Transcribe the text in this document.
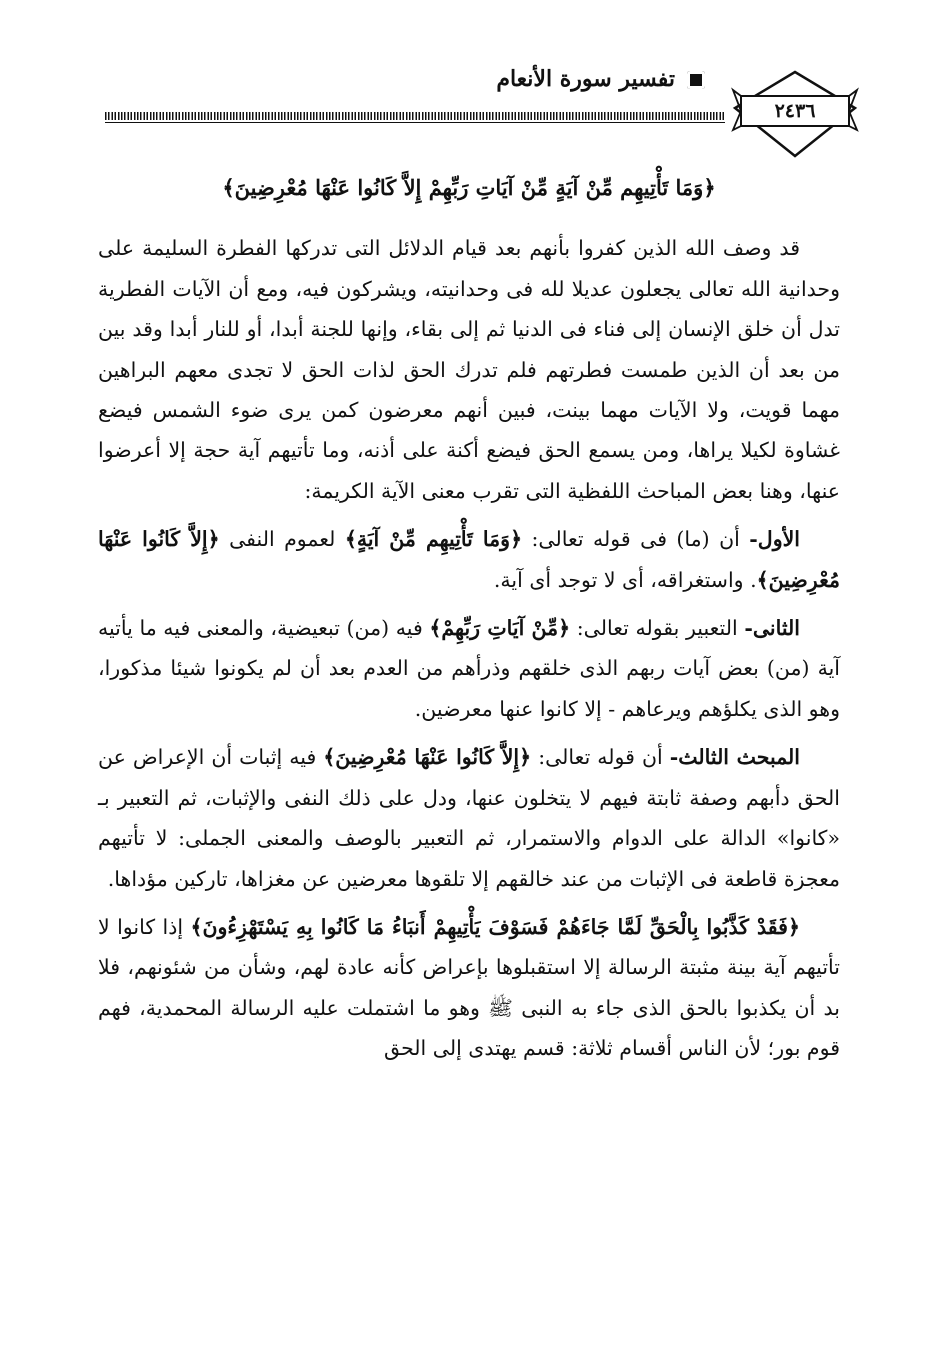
تفسير سورة الأنعام
٢٤٣٦

﴿وَمَا تَأْتِيهِم مِّنْ آيَةٍ مِّنْ آيَاتِ رَبِّهِمْ إِلاَّ كَانُوا عَنْهَا مُعْرِضِينَ﴾

قد وصف الله الذين كفروا بأنهم بعد قيام الدلائل التى تدركها الفطرة السليمة على وحدانية الله تعالى يجعلون عديلا لله فى وحدانيته، ويشركون فيه، ومع أن الآيات الفطرية تدل أن خلق الإنسان إلى فناء فى الدنيا ثم إلى بقاء، وإنها للجنة أبدا، أو للنار أبدا وقد بين من بعد أن الذين طمست فطرتهم فلم تدرك الحق لذات الحق لا تجدى معهم البراهين مهما قويت، ولا الآيات مهما بينت، فبين أنهم معرضون كمن يرى ضوء الشمس فيضع غشاوة لكيلا يراها، ومن يسمع الحق فيضع أكنة على أذنه، وما تأتيهم آية حجة إلا أعرضوا عنها، وهنا بعض المباحث اللفظية التى تقرب معنى الآية الكريمة:

الأول- أن (ما) فى قوله تعالى: ﴿وَمَا تَأْتِيهِم مِّنْ آيَةٍ﴾ لعموم النفى ﴿إِلاَّ كَانُوا عَنْهَا مُعْرِضِينَ﴾. واستغراقه، أى لا توجد أى آية.

الثانى- التعبير بقوله تعالى: ﴿مِّنْ آيَاتِ رَبِّهِمْ﴾ فيه (من) تبعيضية، والمعنى فيه ما يأتيه آية (من) بعض آيات ربهم الذى خلقهم وذرأهم من العدم بعد أن لم يكونوا شيئا مذكورا، وهو الذى يكلؤهم ويرعاهم - إلا كانوا عنها معرضين.

المبحث الثالث- أن قوله تعالى: ﴿إِلاَّ كَانُوا عَنْهَا مُعْرِضِينَ﴾ فيه إثبات أن الإعراض عن الحق دأبهم وصفة ثابتة فيهم لا يتخلون عنها، ودل على ذلك النفى والإثبات، ثم التعبير بـ «كانوا» الدالة على الدوام والاستمرار، ثم التعبير بالوصف والمعنى الجملى: لا تأتيهم معجزة قاطعة فى الإثبات من عند خالقهم إلا تلقوها معرضين عن مغزاها، تاركين مؤداها.

﴿فَقَدْ كَذَّبُوا بِالْحَقِّ لَمَّا جَاءَهُمْ فَسَوْفَ يَأْتِيهِمْ أَنبَاءُ مَا كَانُوا بِهِ يَسْتَهْزِءُونَ﴾ إذا كانوا لا تأتيهم آية بينة مثبتة الرسالة إلا استقبلوها بإعراض كأنه عادة لهم، وشأن من شئونهم، فلا بد أن يكذبوا بالحق الذى جاء به النبى ﷺ وهو ما اشتملت عليه الرسالة المحمدية، فهم قوم بور؛ لأن الناس أقسام ثلاثة: قسم يهتدى إلى الحق
